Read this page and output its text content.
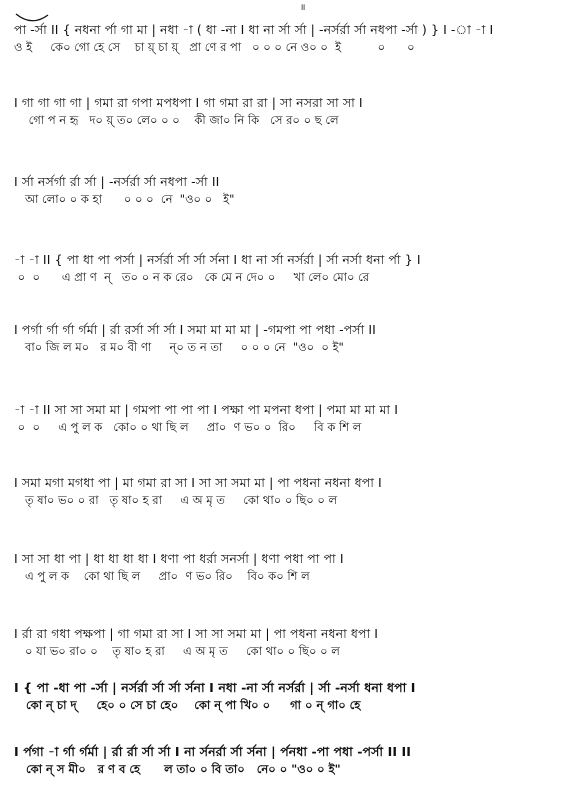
॥
পা -র্সা II { নধনা র্পা গা মা | নধা -া ( ধা -না I ধা না র্সা র্সা | -নর্সর্রা র্সা নধপা -র্সা ) } I -া -া I
ও ই     কে০ গো হে সে    চা য়্ চা য়্   প্রা ণে র পা   ০ ০ ০ নে ও০ ০  ই          ০      ০
I গা গা গা গা | গমা রা গপা মপধপা I গা গমা রা রা | সা নসরা সা সা I
গো প ন হৃ   দ০ য়্ ত০ লে০ ০ ০    কী জা০ নি কি   সে র০ ০ ছ লে
I র্সা নর্সর্গা র্রা র্সা | -নর্সর্রা র্সা নধপা -র্সা II
আ লো০ ০ ক হা      ০ ০ ০  নে  "ও০ ০   ই"
-া -া II { পা ধা পা পর্সা | নর্সর্রা র্সা র্সা র্সনা I ধা না র্সা নর্সর্রা | র্সা নর্সা ধনা র্পা } I
০  ০      এ প্রা ণ  ন্   ত০ ০ ন ক রে০   কে মে ন দে০ ০     খা লে০ মো০ রে
I পর্গা র্গা র্গা র্গর্মা | র্রা রর্সা র্সা র্সা I সমা মা মা মা | -গমপা পা পধা -পর্সা II
বা০ জি ল ম০   র ম০ বী ণা     ন্০ ত ন তা     ০ ০ ০ নে  "ও০  ০ ই"
-া -া II সা সা সমা মা | গমপা পা পা পা I পক্ষা পা মপনা ধপা | পমা মা মা মা I
০  ০     এ পু ল ক   কো০ ০ থা ছি ল     প্রা০  ণ ভ০ ০  রি০     বি ক শি ল
I সমা মগা মগধা পা | মা গমা রা সা I সা সা সমা মা | পা পধনা নধনা ধপা I
তৃ ষা০ ভ০ ০ রা   তৃ ষা০ হ রা     এ অ মৃ ত     কো থা০ ০ ছি০ ০ ল
I সা সা ধা পা | ধা ধা ধা ধা I ধণা পা ধর্রা সনর্সা | ধণা পধা পা পা I
এ পু ল ক    কো থা ছি ল     প্রা০  ণ ভ০ রি০    বি০ ক০ শি ল
I র্রা রা গধা পক্ষপা | গা গমা রা সা I সা সা সমা মা | পা পধনা নধনা ধপা I
০ যা ভ০ রা০ ০    তৃ ষা০ হ রা     এ অ মৃ ত     কো থা০ ০ ছি০ ০ ল
I { পা -ধা পা -র্সা | নর্সর্রা র্সা র্সা র্সনা I নধা -না র্সা নর্সর্রা | র্সা -নর্সা ধনা ধপা I
কো ন্ চা দ্     হে০ ০ সে চা হে০    কো ন্ পা খি০ ০     গা ০ ন্ গা০ হে
I র্পগা -া র্গা র্গর্মা | র্রা র্রা র্সা র্সা I না র্সনর্রা র্সা র্সনা | র্পনধা -পা পধা -পর্সা II II
কো ন্ স মী০   র ণ ব হে      ল তা০ ০ বি তা০   নে০ ০ "ও০ ০ ই"
